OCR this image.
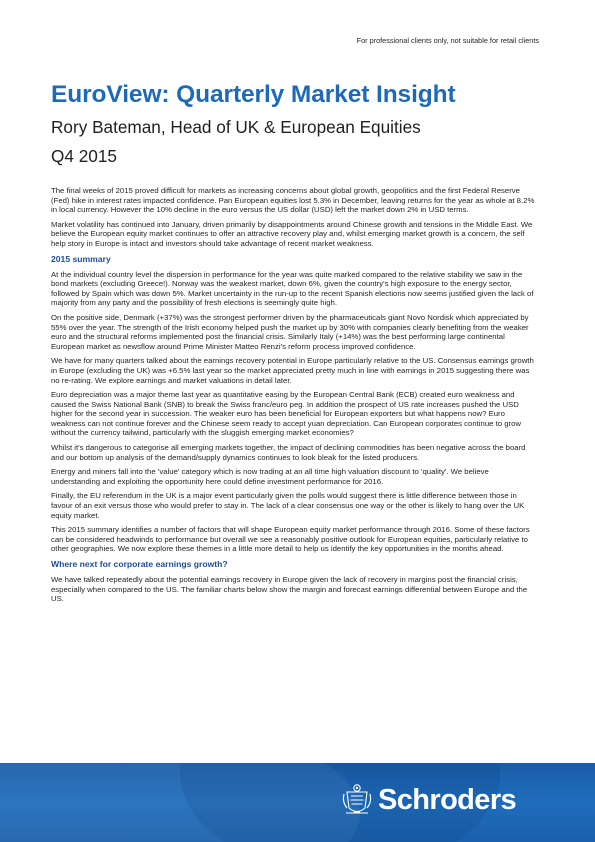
For professional clients only, not suitable for retail clients
EuroView: Quarterly Market Insight
Rory Bateman, Head of UK & European Equities
Q4 2015

The final weeks of 2015 proved difficult for markets as increasing concerns about global growth, geopolitics and the first Federal Reserve (Fed) hike in interest rates impacted confidence. Pan European equities lost 5.3% in December, leaving returns for the year as whole at 8.2% in local currency. However the 10% decline in the euro versus the US dollar (USD) left the market down 2% in USD terms.

Market volatility has continued into January, driven primarily by disappointments around Chinese growth and tensions in the Middle East. We believe the European equity market continues to offer an attractive recovery play and, whilst emerging market growth is a concern, the self help story in Europe is intact and investors should take advantage of recent market weakness.

2015 summary

At the individual country level the dispersion in performance for the year was quite marked compared to the relative stability we saw in the bond markets (excluding Greece!). Norway was the weakest market, down 6%, given the country's high exposure to the energy sector, followed by Spain which was down 5%. Market uncertainty in the run-up to the recent Spanish elections now seems justified given the lack of majority from any party and the possibility of fresh elections is seemingly quite high.

On the positive side, Denmark (+37%) was the strongest performer driven by the pharmaceuticals giant Novo Nordisk which appreciated by 55% over the year. The strength of the Irish economy helped push the market up by 30% with companies clearly benefiting from the weaker euro and the structural reforms implemented post the financial crisis. Similarly Italy (+14%) was the best performing large continental European market as newsflow around Prime Minister Matteo Renzi's reform process improved confidence.

We have for many quarters talked about the earnings recovery potential in Europe particularly relative to the US. Consensus earnings growth in Europe (excluding the UK) was +6.5% last year so the market appreciated pretty much in line with earnings in 2015 suggesting there was no re-rating. We explore earnings and market valuations in detail later.

Euro depreciation was a major theme last year as quantitative easing by the European Central Bank (ECB) created euro weakness and caused the Swiss National Bank (SNB) to break the Swiss franc/euro peg. In addition the prospect of US rate increases pushed the USD higher for the second year in succession. The weaker euro has been beneficial for European exporters but what happens now? Euro weakness can not continue forever and the Chinese seem ready to accept yuan depreciation. Can European corporates continue to grow without the currency tailwind, particularly with the sluggish emerging market economies?

Whilst it's dangerous to categorise all emerging markets together, the impact of declining commodities has been negative across the board and our bottom up analysis of the demand/supply dynamics continues to look bleak for the listed producers.

Energy and miners fall into the 'value' category which is now trading at an all time high valuation discount to 'quality'. We believe understanding and exploiting the opportunity here could define investment performance for 2016.

Finally, the EU referendum in the UK is a major event particularly given the polls would suggest there is little difference between those in favour of an exit versus those who would prefer to stay in. The lack of a clear consensus one way or the other is likely to hang over the UK equity market.

This 2015 summary identifies a number of factors that will shape European equity market performance through 2016. Some of these factors can be considered headwinds to performance but overall we see a reasonably positive outlook for European equities, particularly relative to other geographies. We now explore these themes in a little more detail to help us identify the key opportunities in the months ahead.

Where next for corporate earnings growth?

We have talked repeatedly about the potential earnings recovery in Europe given the lack of recovery in margins post the financial crisis, especially when compared to the US. The familiar charts below show the margin and forecast earnings differential between Europe and the US.

Schroders
